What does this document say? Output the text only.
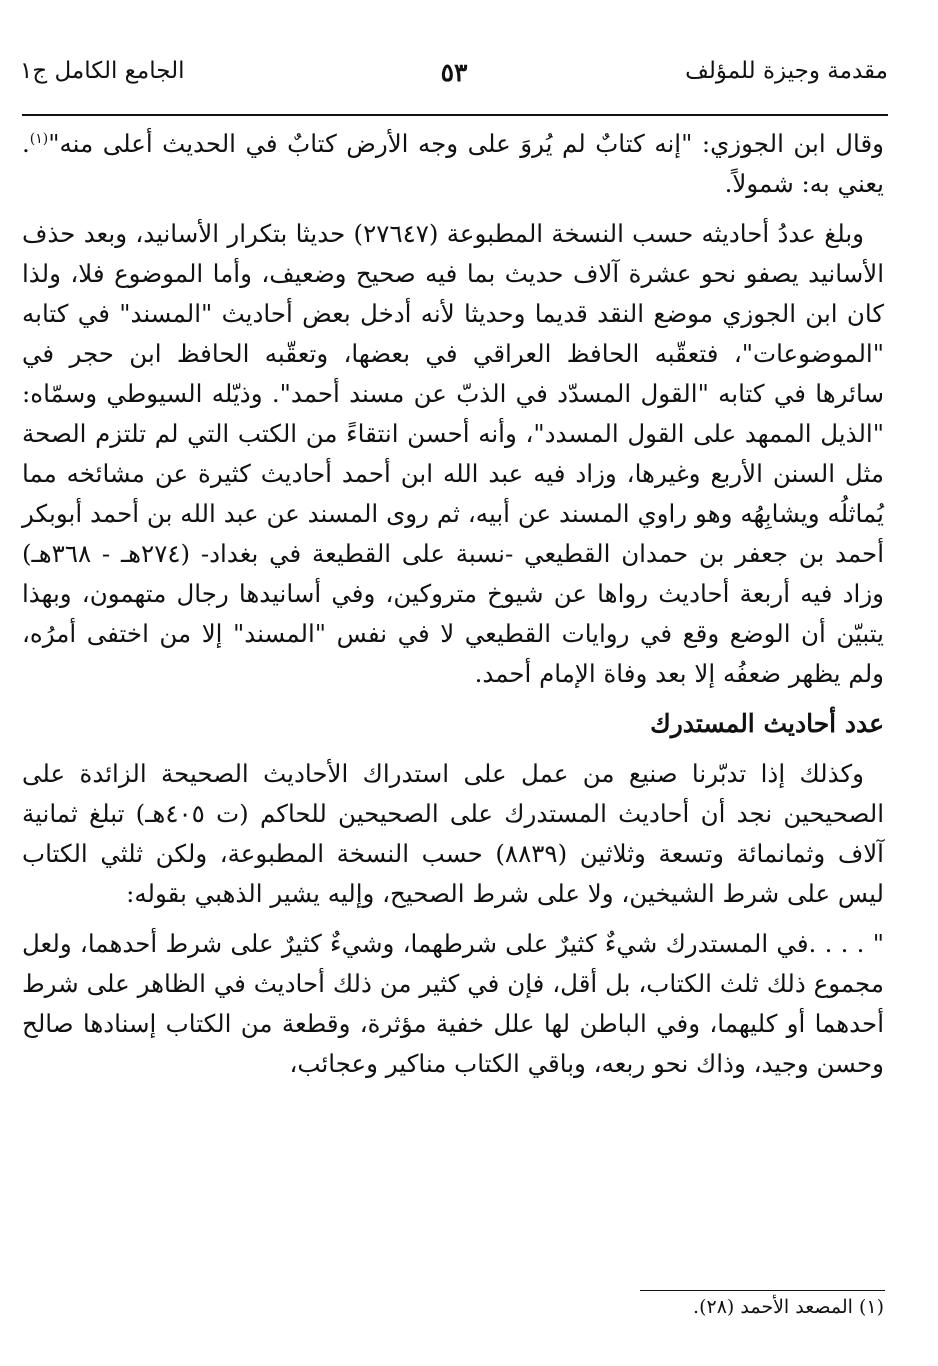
مقدمة وجيزة للمؤلف
٥٣
الجامع الكامل ج١

وقال ابن الجوزي: "إنه كتابٌ لم يُروَ على وجه الأرض كتابٌ في الحديث أعلى منه"$^{(١)}$. يعني به: شمولاً.

وبلغ عددُ أحاديثه حسب النسخة المطبوعة (٢٧٦٤٧) حديثا بتكرار الأسانيد، وبعد حذف الأسانيد يصفو نحو عشرة آلاف حديث بما فيه صحيح وضعيف، وأما الموضوع فلا، ولذا كان ابن الجوزي موضع النقد قديما وحديثا لأنه أدخل بعض أحاديث "المسند" في كتابه "الموضوعات"، فتعقّبه الحافظ العراقي في بعضها، وتعقّبه الحافظ ابن حجر في سائرها في كتابه "القول المسدّد في الذبّ عن مسند أحمد". وذيّله السيوطي وسمّاه: "الذيل الممهد على القول المسدد"، وأنه أحسن انتقاءً من الكتب التي لم تلتزم الصحة مثل السنن الأربع وغيرها، وزاد فيه عبد الله ابن أحمد أحاديث كثيرة عن مشائخه مما يُماثلُه ويشابِهُه وهو راوي المسند عن أبيه، ثم روى المسند عن عبد الله بن أحمد أبوبكر أحمد بن جعفر بن حمدان القطيعي -نسبة على القطيعة في بغداد- (٢٧٤هـ - ٣٦٨هـ) وزاد فيه أربعة أحاديث رواها عن شيوخ متروكين، وفي أسانيدها رجال متهمون، وبهذا يتبيّن أن الوضع وقع في روايات القطيعي لا في نفس "المسند" إلا من اختفى أمرُه، ولم يظهر ضعفُه إلا بعد وفاة الإمام أحمد.

عدد أحاديث المستدرك

وكذلك إذا تدبّرنا صنيع من عمل على استدراك الأحاديث الصحيحة الزائدة على الصحيحين نجد أن أحاديث المستدرك على الصحيحين للحاكم (ت ٤٠٥هـ) تبلغ ثمانية آلاف وثمانمائة وتسعة وثلاثين (٨٨٣٩) حسب النسخة المطبوعة، ولكن ثلثي الكتاب ليس على شرط الشيخين، ولا على شرط الصحيح، وإليه يشير الذهبي بقوله:

" . . . .في المستدرك شيءٌ كثيرٌ على شرطهما، وشيءٌ كثيرٌ على شرط أحدهما، ولعل مجموع ذلك ثلث الكتاب، بل أقل، فإن في كثير من ذلك أحاديث في الظاهر على شرط أحدهما أو كليهما، وفي الباطن لها علل خفية مؤثرة، وقطعة من الكتاب إسنادها صالح وحسن وجيد، وذاك نحو ربعه، وباقي الكتاب مناكير وعجائب،

(١) المصعد الأحمد (٢٨).
